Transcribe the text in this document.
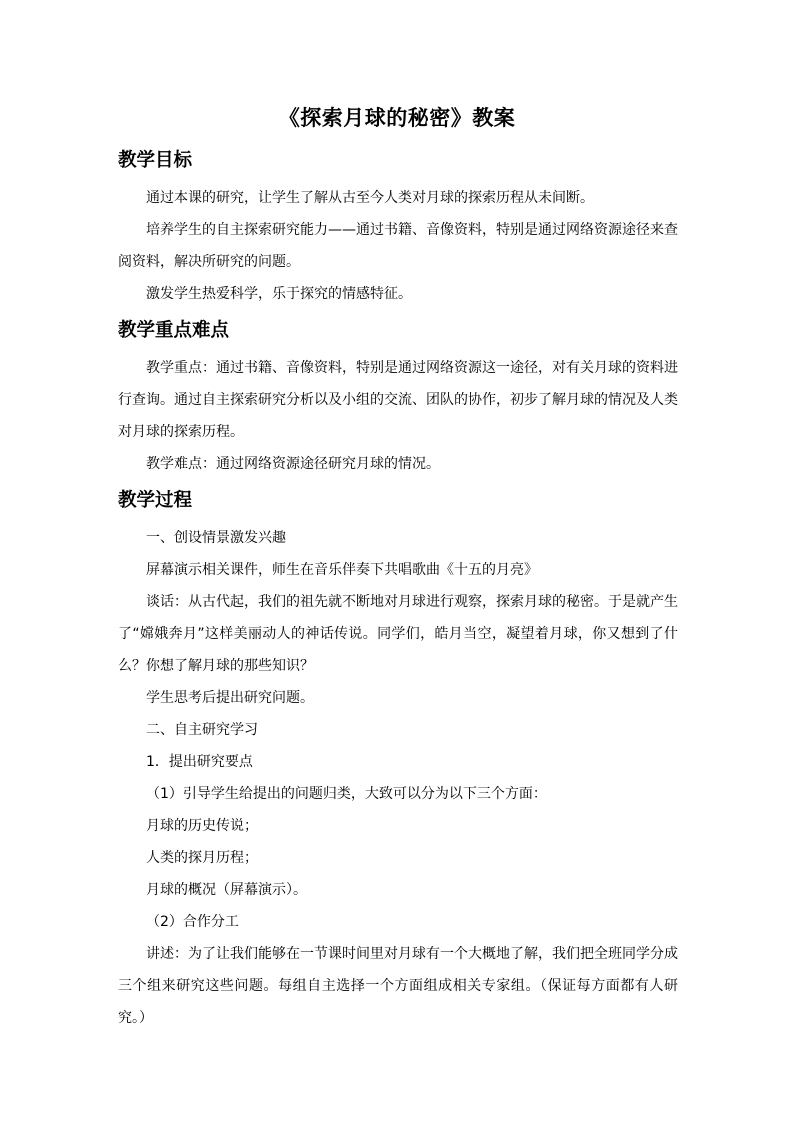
《探索月球的秘密》教案
教学目标

通过本课的研究，让学生了解从古至今人类对月球的探索历程从未间断。

培养学生的自主探索研究能力——通过书籍、音像资料，特别是通过网络资源途径来查阅资料，解决所研究的问题。

激发学生热爱科学，乐于探究的情感特征。

教学重点难点

教学重点：通过书籍、音像资料，特别是通过网络资源这一途径，对有关月球的资料进行查询。通过自主探索研究分析以及小组的交流、团队的协作，初步了解月球的情况及人类对月球的探索历程。

教学难点：通过网络资源途径研究月球的情况。

教学过程

一、创设情景激发兴趣

屏幕演示相关课件，师生在音乐伴奏下共唱歌曲《十五的月亮》

谈话：从古代起，我们的祖先就不断地对月球进行观察，探索月球的秘密。于是就产生了“嫦娥奔月”这样美丽动人的神话传说。同学们，皓月当空，凝望着月球，你又想到了什么？你想了解月球的那些知识？

学生思考后提出研究问题。

二、自主研究学习

1．提出研究要点

（1）引导学生给提出的问题归类，大致可以分为以下三个方面：

月球的历史传说；

人类的探月历程；

月球的概况（屏幕演示）。

（2）合作分工

讲述：为了让我们能够在一节课时间里对月球有一个大概地了解，我们把全班同学分成三个组来研究这些问题。每组自主选择一个方面组成相关专家组。（保证每方面都有人研究。）
